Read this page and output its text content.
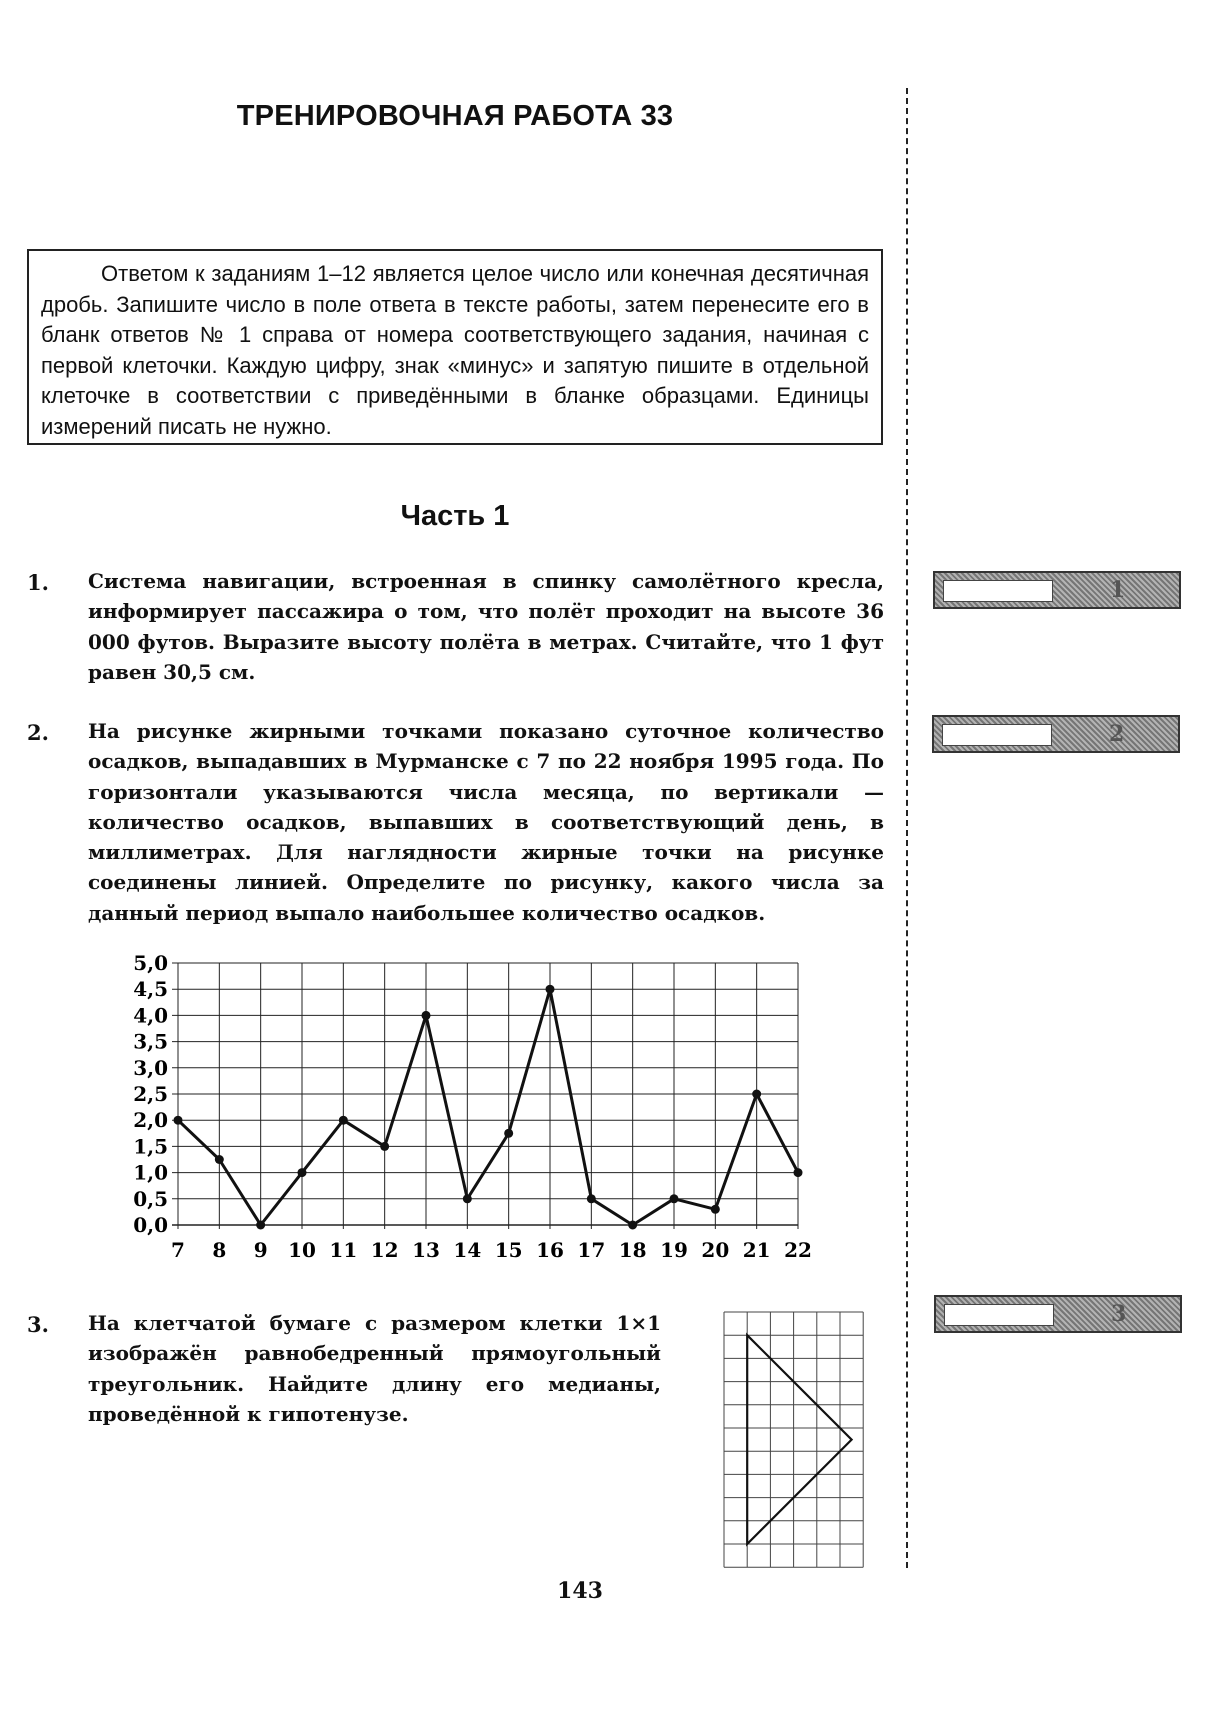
ТРЕНИРОВОЧНАЯ РАБОТА 33

Ответом к заданиям 1–12 является целое число или конечная десятичная дробь. Запишите число в поле ответа в тексте работы, затем перенесите его в бланк ответов № 1 справа от номера соответствующего задания, начиная с первой клеточки. Каждую цифру, знак «минус» и запятую пишите в отдельной клеточке в соответствии с приведёнными в бланке образцами. Единицы измерений писать не нужно.

Часть 1
1. Система навигации, встроенная в спинку самолётного кресла, информирует пассажира о том, что полёт проходит на высоте 36 000 футов. Выразите высоту полёта в метрах. Считайте, что 1 фут равен 30,5 см.

1
2. На рисунке жирными точками показано суточное количество осадков, выпадавших в Мурманске с 7 по 22 ноября 1995 года. По горизонтали указываются числа месяца, по вертикали — количество осадков, выпавших в соответствующий день, в миллиметрах. Для наглядности жирные точки на рисунке соединены линией. Определите по рисунку, какого числа за данный период выпало наибольшее количество осадков.

2
0,0
0,5
1,0
1,5
2,0
2,5
3,0
3,5
4,0
4,5
5,0
7 8 9 10 11 12 13 14 15 16 17 18 19 20 21 22
3. На клетчатой бумаге с размером клетки 1×1 изображён равнобедренный прямоугольный треугольник. Найдите длину его медианы, проведённой к гипотенузе.

3
143
